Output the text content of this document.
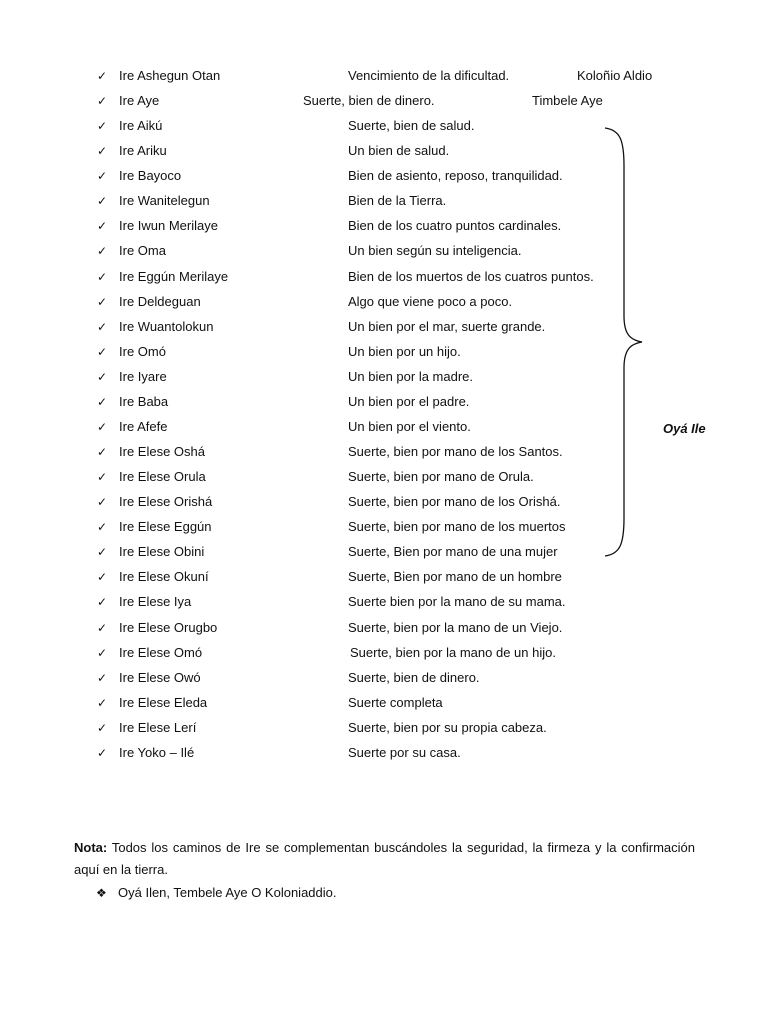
✓ Ire Ashegun Otan	Vencimiento de la dificultad.	Koloñio Aldio
✓ Ire Aye	Suerte, bien de dinero.	Timbele Aye
✓ Ire Aikú	Suerte, bien de salud.
✓ Ire Ariku	Un bien de salud.
✓ Ire Bayoco	Bien de asiento, reposo, tranquilidad.
✓ Ire Wanitelegun	Bien de la Tierra.
✓ Ire Iwun Merilaye	Bien de los cuatro puntos cardinales.
✓ Ire Oma	Un bien según su inteligencia.
✓ Ire Eggún Merilaye	Bien de los muertos de los cuatros puntos.
✓ Ire Deldeguan	Algo que viene poco a poco.
✓ Ire Wuantolokun	Un bien por el mar, suerte grande.
✓ Ire Omó	Un bien por un hijo.
✓ Ire Iyare	Un bien por la madre.
✓ Ire Baba	Un bien por el padre.
✓ Ire Afefe	Un bien por el viento.
✓ Ire Elese Oshá	Suerte, bien por mano de los Santos.
✓ Ire Elese Orula	Suerte, bien por mano de Orula.
✓ Ire Elese Orishá	Suerte, bien por mano de los Orishá.
✓ Ire Elese Eggún	Suerte, bien por mano de los muertos
✓ Ire Elese Obini	Suerte, Bien por mano de una mujer
✓ Ire Elese Okuní	Suerte, Bien por mano de un hombre
✓ Ire Elese Iya	Suerte bien por la mano de su mama.
✓ Ire Elese Orugbo	Suerte, bien por la mano de un Viejo.
✓ Ire Elese Omó	Suerte, bien por la mano de un hijo.
✓ Ire Elese Owó	Suerte, bien de dinero.
✓ Ire Elese Eleda	Suerte completa
✓ Ire Elese Lerí	Suerte, bien por su propia cabeza.
✓ Ire Yoko – Ilé	Suerte por su casa.
Oyá Ile
Nota: Todos los caminos de Ire se complementan buscándoles la seguridad, la firmeza y la confirmación aquí en la tierra.
❖ Oyá Ilen, Tembele Aye O Koloniaddio.
